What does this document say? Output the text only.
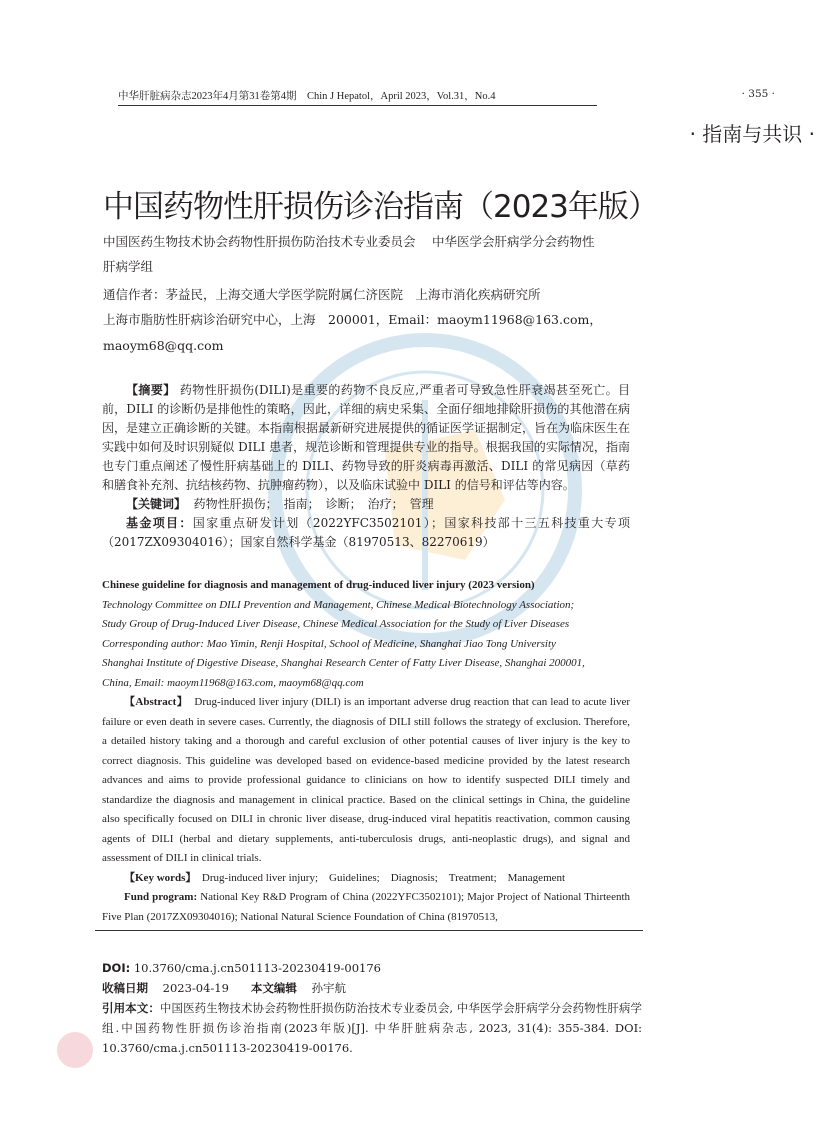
中华肝脏病杂志2023年4月第31卷第4期　Chin J Hepatol，April 2023，Vol.31，No.4	· 355 ·
· 指南与共识 ·
中国药物性肝损伤诊治指南（2023年版）
中国医药生物技术协会药物性肝损伤防治技术专业委员会　 中华医学会肝病学分会药物性
肝病学组
通信作者：茅益民，上海交通大学医学院附属仁济医院　上海市消化疾病研究所
上海市脂肪性肝病诊治研究中心，上海　200001，Email：maoym11968@163.com，
maoym68@qq.com

【摘要】 药物性肝损伤(DILI)是重要的药物不良反应,严重者可导致急性肝衰竭甚至死亡。目前，DILI 的诊断仍是排他性的策略，因此，详细的病史采集、全面仔细地排除肝损伤的其他潜在病因，是建立正确诊断的关键。本指南根据最新研究进展提供的循证医学证据制定，旨在为临床医生在实践中如何及时识别疑似 DILI 患者，规范诊断和管理提供专业的指导。根据我国的实际情况，指南也专门重点阐述了慢性肝病基础上的 DILI、药物导致的肝炎病毒再激活、DILI 的常见病因（草药和膳食补充剂、抗结核药物、抗肿瘤药物），以及临床试验中 DILI 的信号和评估等内容。

【关键词】 药物性肝损伤；　指南；　诊断；　治疗；　管理

基金项目：国家重点研发计划（2022YFC3502101）；国家科技部十三五科技重大专项（2017ZX09304016）；国家自然科学基金（81970513、82270619）

Chinese guideline for diagnosis and management of drug-induced liver injury (2023 version)

Technology Committee on DILI Prevention and Management, Chinese Medical Biotechnology Association;

Study Group of Drug-Induced Liver Disease, Chinese Medical Association for the Study of Liver Diseases

Corresponding author: Mao Yimin, Renji Hospital, School of Medicine, Shanghai Jiao Tong University

Shanghai Institute of Digestive Disease, Shanghai Research Center of Fatty Liver Disease, Shanghai 200001,

China, Email: maoym11968@163.com, maoym68@qq.com

【Abstract】 Drug-induced liver injury (DILI) is an important adverse drug reaction that can lead to acute liver failure or even death in severe cases. Currently, the diagnosis of DILI still follows the strategy of exclusion. Therefore, a detailed history taking and a thorough and careful exclusion of other potential causes of liver injury is the key to correct diagnosis. This guideline was developed based on evidence-based medicine provided by the latest research advances and aims to provide professional guidance to clinicians on how to identify suspected DILI timely and standardize the diagnosis and management in clinical practice. Based on the clinical settings in China, the guideline also specifically focused on DILI in chronic liver disease, drug-induced viral hepatitis reactivation, common causing agents of DILI (herbal and dietary supplements, anti-tuberculosis drugs, anti-neoplastic drugs), and signal and assessment of DILI in clinical trials.

【Key words】 Drug-induced liver injury;　Guidelines;　Diagnosis;　Treatment;　Management

Fund program: National Key R&D Program of China (2022YFC3502101); Major Project of National Thirteenth Five Plan (2017ZX09304016); National Natural Science Foundation of China (81970513,

DOI: 10.3760/cma.j.cn501113-20230419-00176
收稿日期 2023-04-19 本文编辑 孙宇航
引用本文：中国医药生物技术协会药物性肝损伤防治技术专业委员会, 中华医学会肝病学分会药物性肝病学组.中国药物性肝损伤诊治指南(2023年版)[J]. 中华肝脏病杂志, 2023, 31(4): 355-384. DOI: 10.3760/cma.j.cn501113-20230419-00176.
